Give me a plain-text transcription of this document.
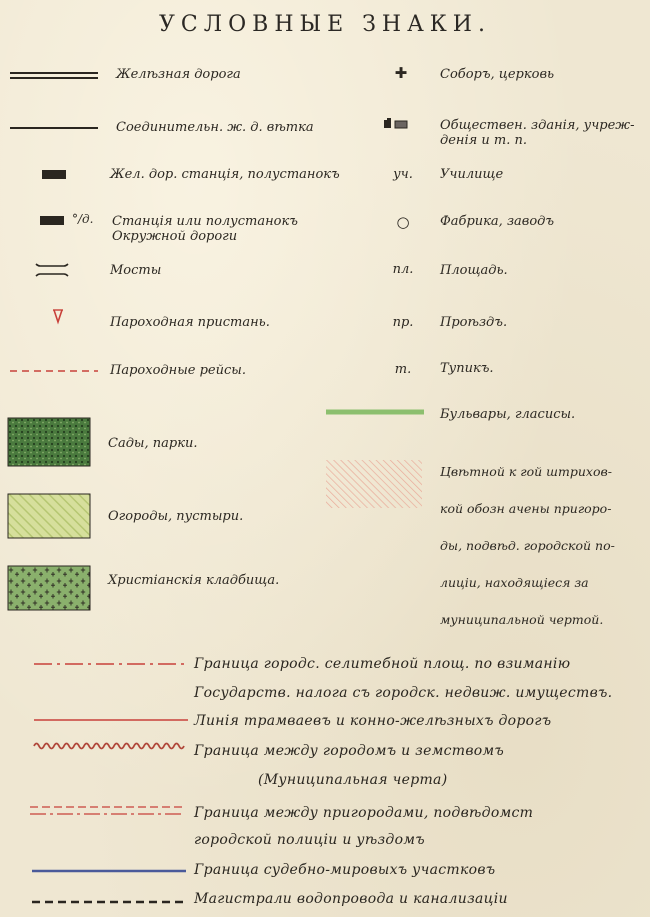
УСЛОВНЫЕ ЗНАКИ.
Желѣзная дорога
Соединительн. ж. д. вѣтка
Жел. дор. станція, полустанокъ
°/д. Станція или полустанокъ
Окружной дороги
Мосты
Пароходная пристань.
Пароходные рейсы.
Сады, парки.
Огороды, пустыри.
Христіанскія кладбища.
✚	Соборъ, церковь
Обществен. зданія, учреж-
денія и т. п.
уч.	Училище
○	Фабрика, заводъ
пл.	Площадь.
пр.	Проѣздъ.
т.	Тупикъ.
Бульвары, гласисы.
Цвѣтной к гой штрихов-
кой обозн ачены пригоро-
ды, подвѣд. городской по-
лиціи, находящіеся за
муниципальной чертой.
Граница городс. селитебной площ. по взиманію
Государств. налога съ городск. недвиж. имуществъ.
Линія трамваевъ и конно-желѣзныхъ дорогъ
Граница между городомъ и земствомъ
(Муниципальная черта)
Граница между пригородами, подвѣдомст
городской полиціи и уѣздомъ
Граница судебно-мировыхъ участковъ
Магистрали водопровода и канализаціи
